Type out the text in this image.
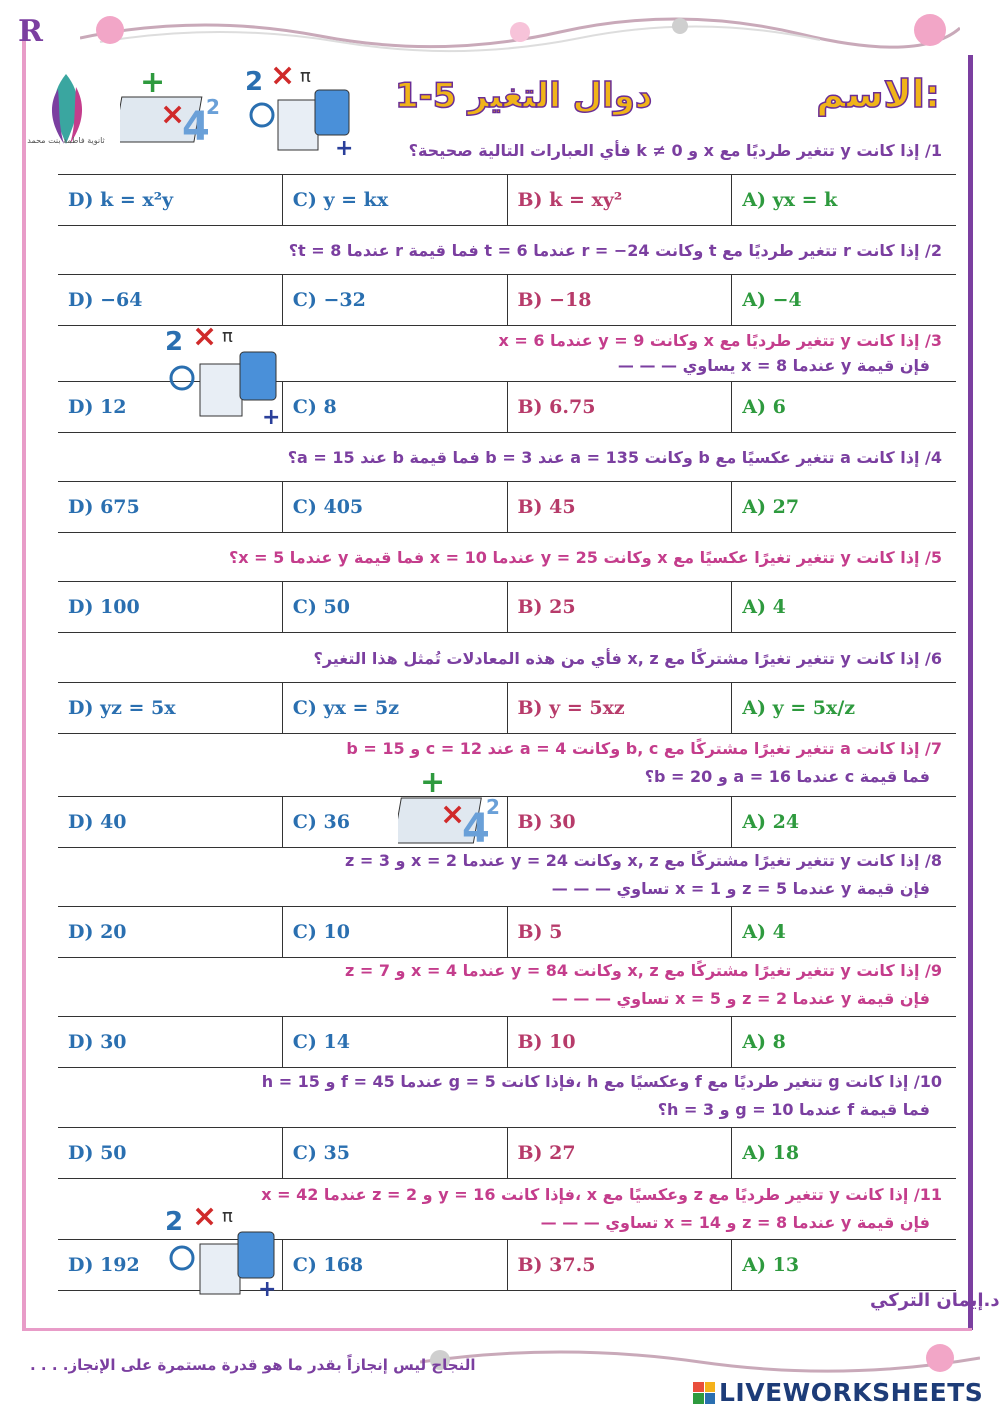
R
ثانوية فاطمة بنت محمد
+
×
4
2
2 × π
+
1-5 دوال التغير	الاسم:
1/ إذا كانت y تتغير طرديًا مع x و k ≠ 0 فأي العبارات التالية صحيحة؟
D) k = x²y	C) y = kx	B) k = xy²	A) yx = k
2/ إذا كانت r تتغير طرديًا مع t وكانت r = −24 عندما t = 6 فما قيمة r عندما t = 8؟
D) −64	C) −32	B) −18	A) −4
3/ إذا كانت y تتغير طرديًا مع x وكانت y = 9 عندما x = 6
فإن قيمة y عندما x = 8 يساوي — — —
D) 12	C) 8	B) 6.75	A) 6
2 × π
+
4/ إذا كانت a تتغير عكسيًا مع b وكانت a = 135 عند b = 3 فما قيمة b عند a = 15؟
D) 675	C) 405	B) 45	A) 27
5/ إذا كانت y تتغير تغيرًا عكسيًا مع x وكانت y = 25 عندما x = 10 فما قيمة y عندما x = 5؟
D) 100	C) 50	B) 25	A) 4
6/ إذا كانت y تتغير تغيرًا مشتركًا مع x, z فأي من هذه المعادلات تُمثل هذا التغير؟
D) yz = 5x	C) yx = 5z	B) y = 5xz	A) y = 5x/z
7/ إذا كانت a تتغير تغيرًا مشتركًا مع b, c وكانت a = 4 عند c = 12 و b = 15
فما قيمة c عندما a = 16 و b = 20؟
D) 40	C) 36	B) 30	A) 24
+
×
4
2
8/ إذا كانت y تتغير تغيرًا مشتركًا مع x, z وكانت y = 24 عندما x = 2 و z = 3
فإن قيمة y عندما z = 5 و x = 1 تساوي — — —
D) 20	C) 10	B) 5	A) 4
9/ إذا كانت y تتغير تغيرًا مشتركًا مع x, z وكانت y = 84 عندما x = 4 و z = 7
فإن قيمة y عندما z = 2 و x = 5 تساوي — — —
D) 30	C) 14	B) 10	A) 8
10/ إذا كانت g تتغير طرديًا مع f وعكسيًا مع h ،فإذا كانت g = 5 عندما f = 45 و h = 15
فما قيمة f عندما g = 10 و h = 3؟
D) 50	C) 35	B) 27	A) 18
11/ إذا كانت y تتغير طرديًا مع z وعكسيًا مع x ،فإذا كانت y = 16 و z = 2 عندما x = 42
فإن قيمة y عندما z = 8 و x = 14 تساوي — — —
D) 192	C) 168	B) 37.5	A) 13
2 × π
+	د.إيمان التركي
النجاح ليس إنجازاً بقدر ما هو قدرة مستمرة على الإنجاز. . . .
LIVEWORKSHEETS
